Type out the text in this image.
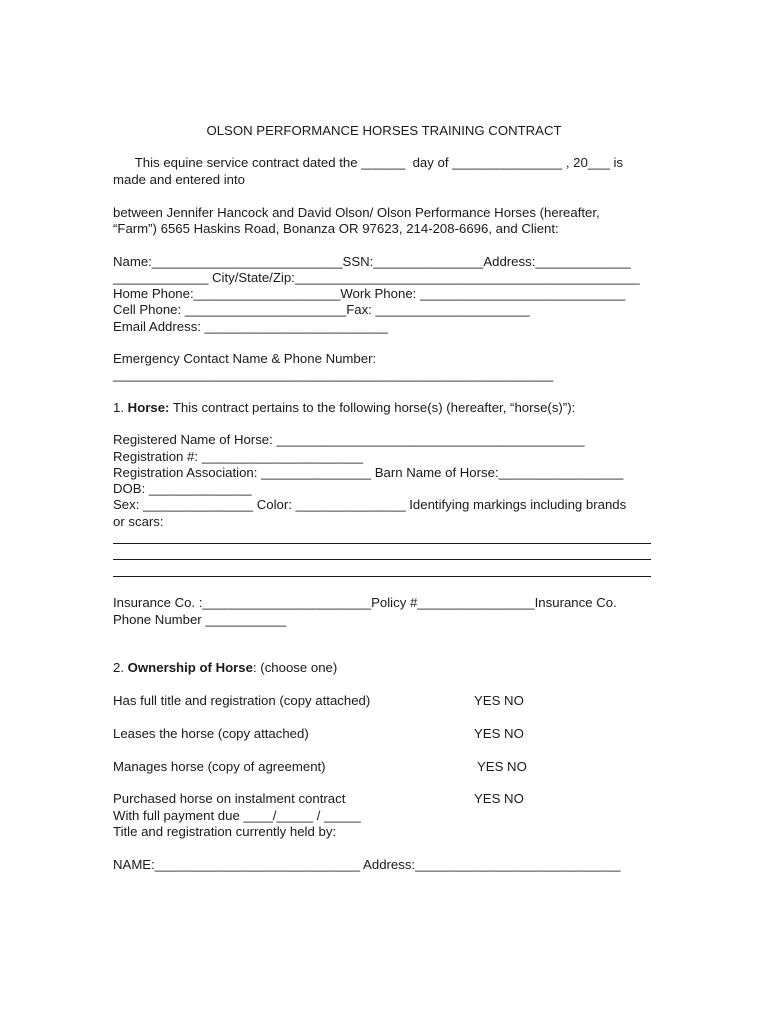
OLSON PERFORMANCE HORSES TRAINING CONTRACT
This equine service contract dated the ______  day of _______________ , 20___ is
made and entered into
between Jennifer Hancock and David Olson/ Olson Performance Horses (hereafter,
“Farm”) 6565 Haskins Road, Bonanza OR 97623, 214-208-6696, and Client:
Name:__________________________SSN:_______________Address:_____________
_____________ City/State/Zip:_______________________________________________
Home Phone:____________________Work Phone: ____________________________
Cell Phone: ______________________Fax: _____________________
Email Address: _________________________
Emergency Contact Name & Phone Number:
____________________________________________________________
1. Horse: This contract pertains to the following horse(s) (hereafter, “horse(s)”):
Registered Name of Horse: __________________________________________
Registration #: ______________________
Registration Association: _______________ Barn Name of Horse:_________________
DOB: ______________
Sex: _______________ Color: _______________ Identifying markings including brands
or scars:
Insurance Co. :_______________________Policy #________________Insurance Co.
Phone Number ___________
2. Ownership of Horse: (choose one)
Has full title and registration (copy attached)	YES NO
Leases the horse (copy attached)	YES NO
Manages horse (copy of agreement)	YES NO
Purchased horse on instalment contract	YES NO
With full payment due ____/_____ / _____
Title and registration currently held by:
NAME:____________________________ Address:____________________________
